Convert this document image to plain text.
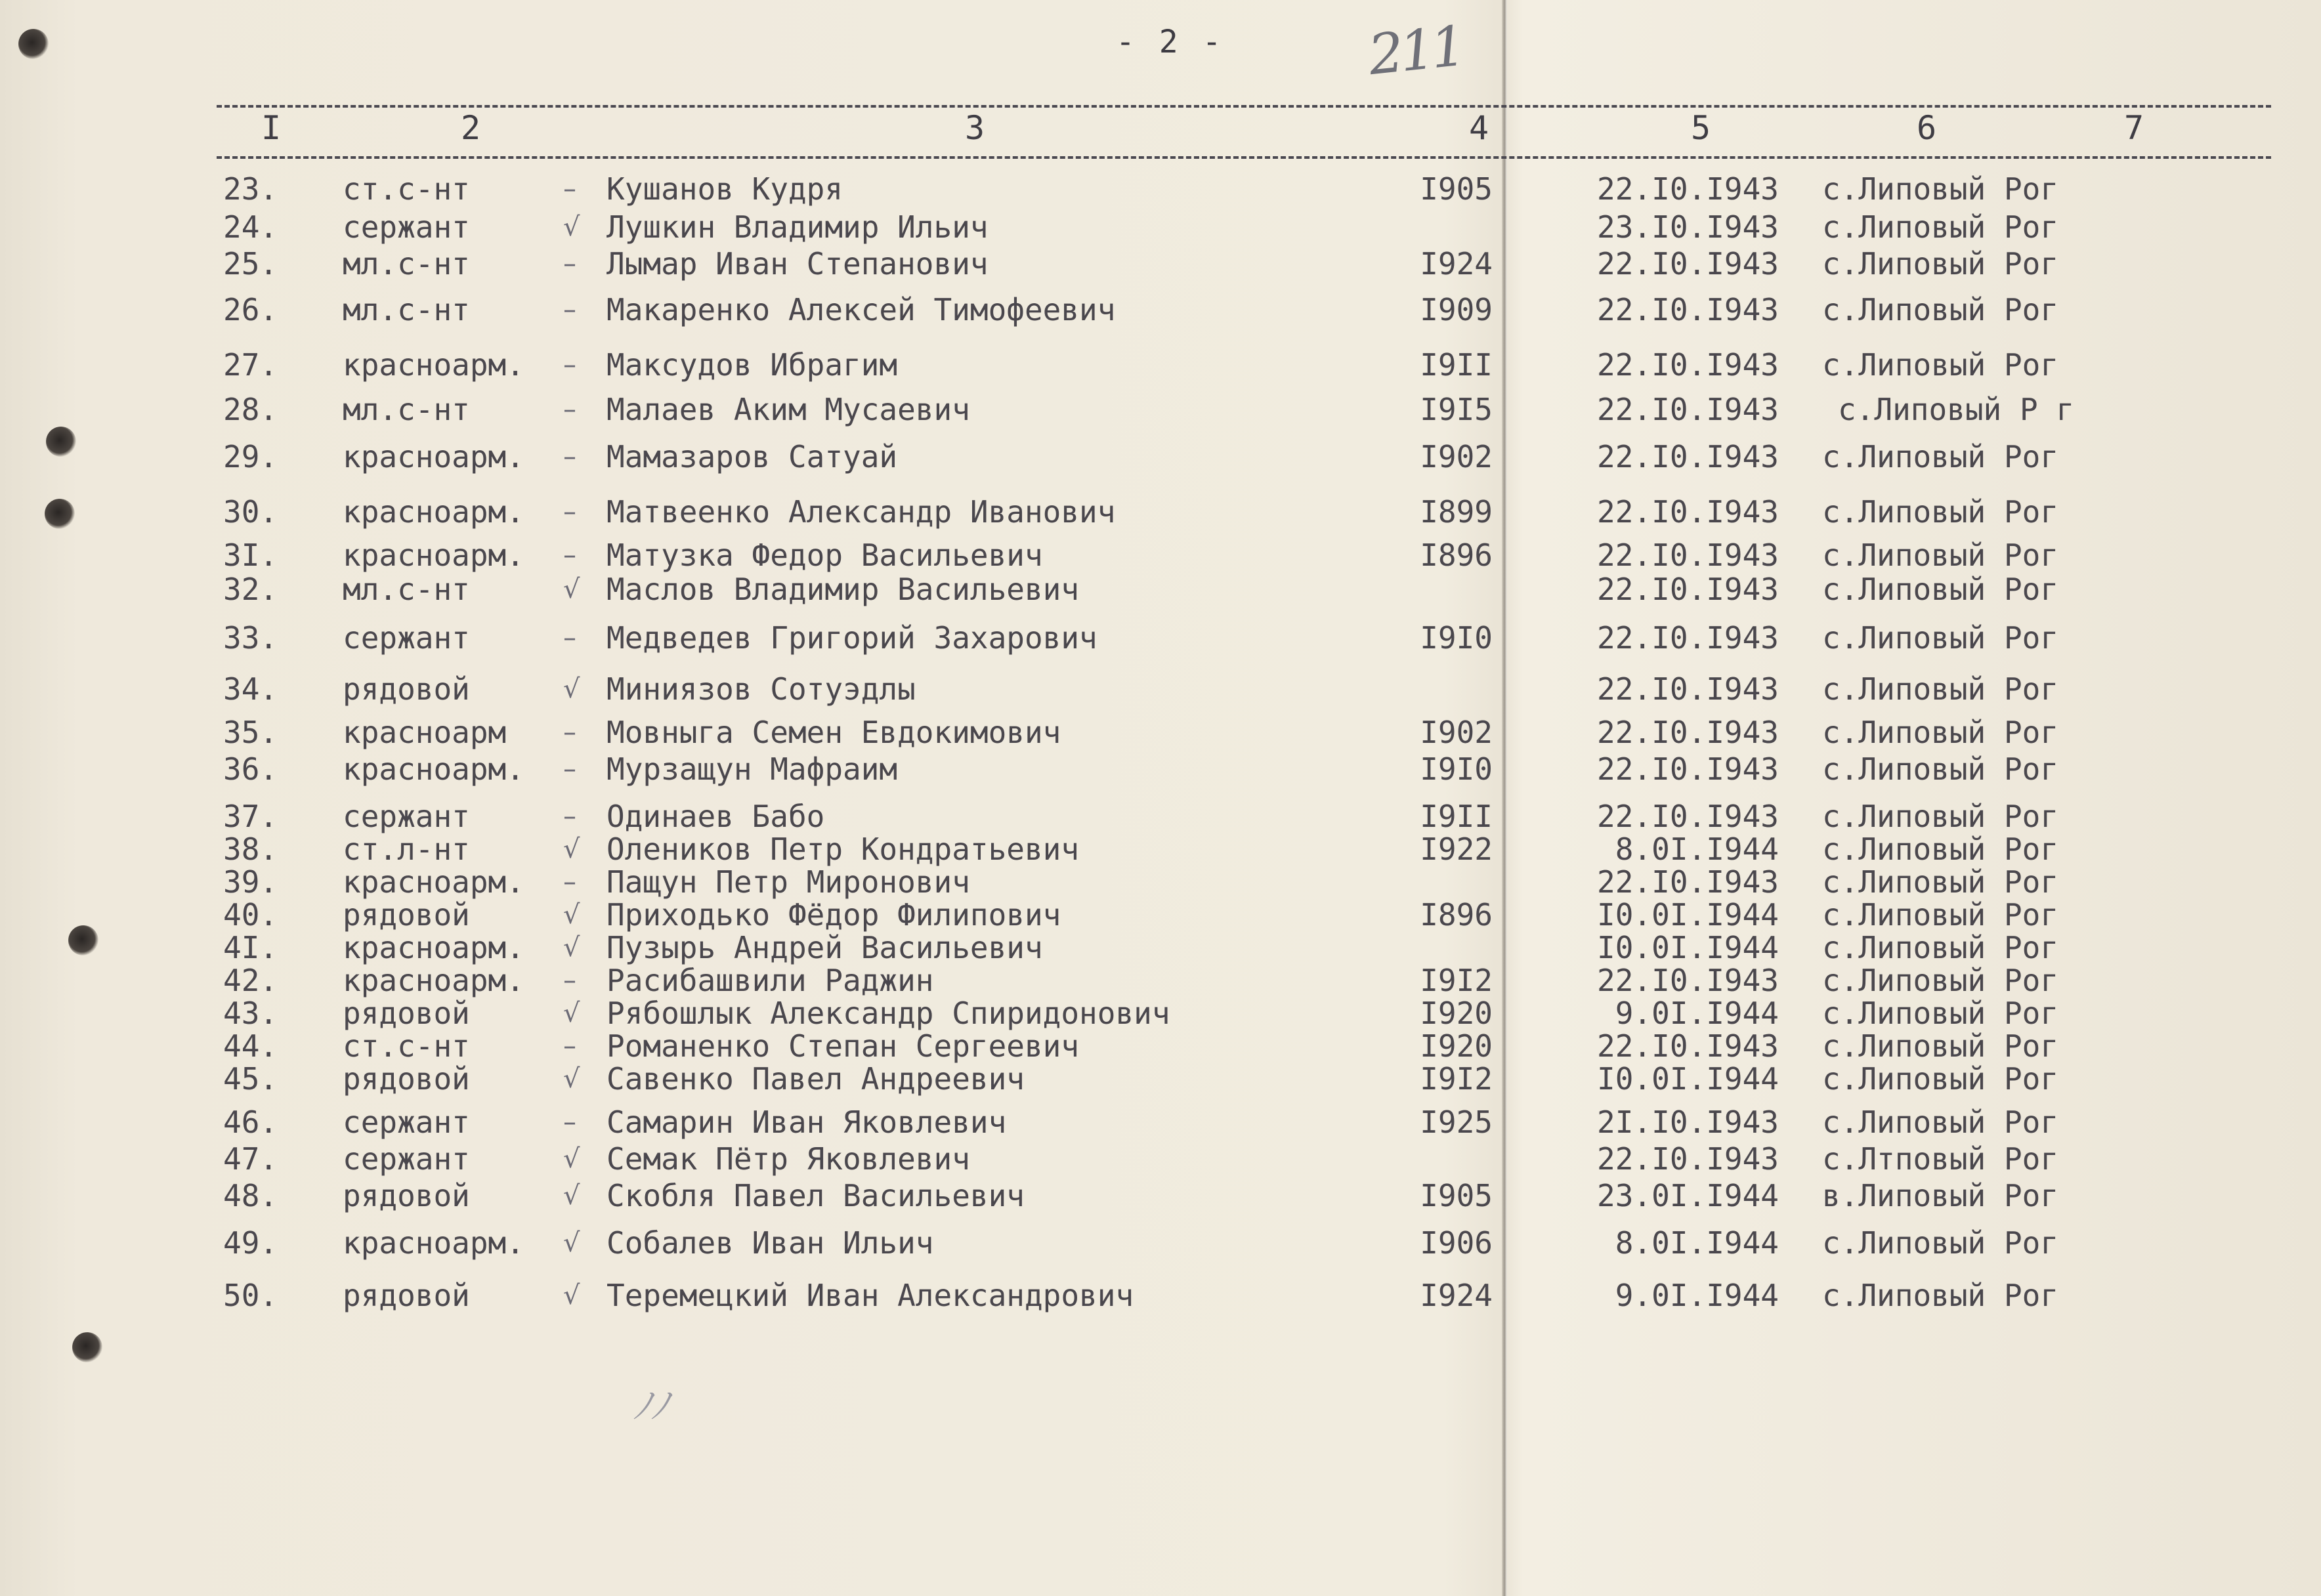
- 2 -	211
I	2	3	4	5	6	7
23. ст.с-нт	– Кушанов Кудря	I905	22.I0.I943 с.Липовый Рог
24. сержант	√ Лушкин Владимир Ильич	23.I0.I943 с.Липовый Рог
25. мл.с-нт	– Лымар Иван Степанович	I924	22.I0.I943 с.Липовый Рог
26. мл.с-нт	– Макаренко Алексей Тимофеевич	I909	22.I0.I943 с.Липовый Рог
27. красноарм. – Максудов Ибрагим	I9II	22.I0.I943 с.Липовый Рог
28. мл.с-нт	– Малаев Аким Мусаевич	I9I5	22.I0.I943 с.Липовый Р г
29. красноарм. – Мамазаров Сатуай	I902	22.I0.I943 с.Липовый Рог
30. красноарм. – Матвеенко Александр Иванович	I899	22.I0.I943 с.Липовый Рог
3I. красноарм. – Матузка Федор Васильевич	I896	22.I0.I943 с.Липовый Рог
32. мл.с-нт	√ Маслов Владимир Васильевич	22.I0.I943 с.Липовый Рог
33. сержант	– Медведев Григорий Захарович	I9I0	22.I0.I943 с.Липовый Рог
34. рядовой	√ Миниязов Сотуэдлы	22.I0.I943 с.Липовый Рог
35. красноарм – Мовныга Семен Евдокимович	I902	22.I0.I943 с.Липовый Рог
36. красноарм. – Мурзащун Мафраим	I9I0	22.I0.I943 с.Липовый Рог
37. сержант	– Одинаев Бабо	I9II	22.I0.I943 с.Липовый Рог
38. ст.л-нт	√ Олеников Петр Кондратьевич	I922	8.0I.I944 с.Липовый Рог
39. красноарм. – Пащун Петр Миронович	22.I0.I943 с.Липовый Рог
40. рядовой	√ Приходько Фёдор Филипович	I896	I0.0I.I944 с.Липовый Рог
4I. красноарм. √ Пузырь Андрей Васильевич	I0.0I.I944 с.Липовый Рог
42. красноарм. – Расибашвили Раджин	I9I2	22.I0.I943 с.Липовый Рог
43. рядовой	√ Рябошлык Александр Спиридонович	I920	9.0I.I944 с.Липовый Рог
44. ст.с-нт	– Романенко Степан Сергеевич	I920	22.I0.I943 с.Липовый Рог
45. рядовой	√ Савенко Павел Андреевич	I9I2	I0.0I.I944 с.Липовый Рог
46. сержант	– Самарин Иван Яковлевич	I925	2I.I0.I943 с.Липовый Рог
47. сержант	√ Семак Пётр Яковлевич	22.I0.I943 с.Лтповый Рог
48. рядовой	√ Скобля Павел Васильевич	I905	23.0I.I944 в.Липовый Рог
49. красноарм. √ Собалев Иван Ильич	I906	8.0I.I944 с.Липовый Рог
50. рядовой	√ Теремецкий Иван Александрович	I924	9.0I.I944 с.Липовый Рог
ﾉﾉ
